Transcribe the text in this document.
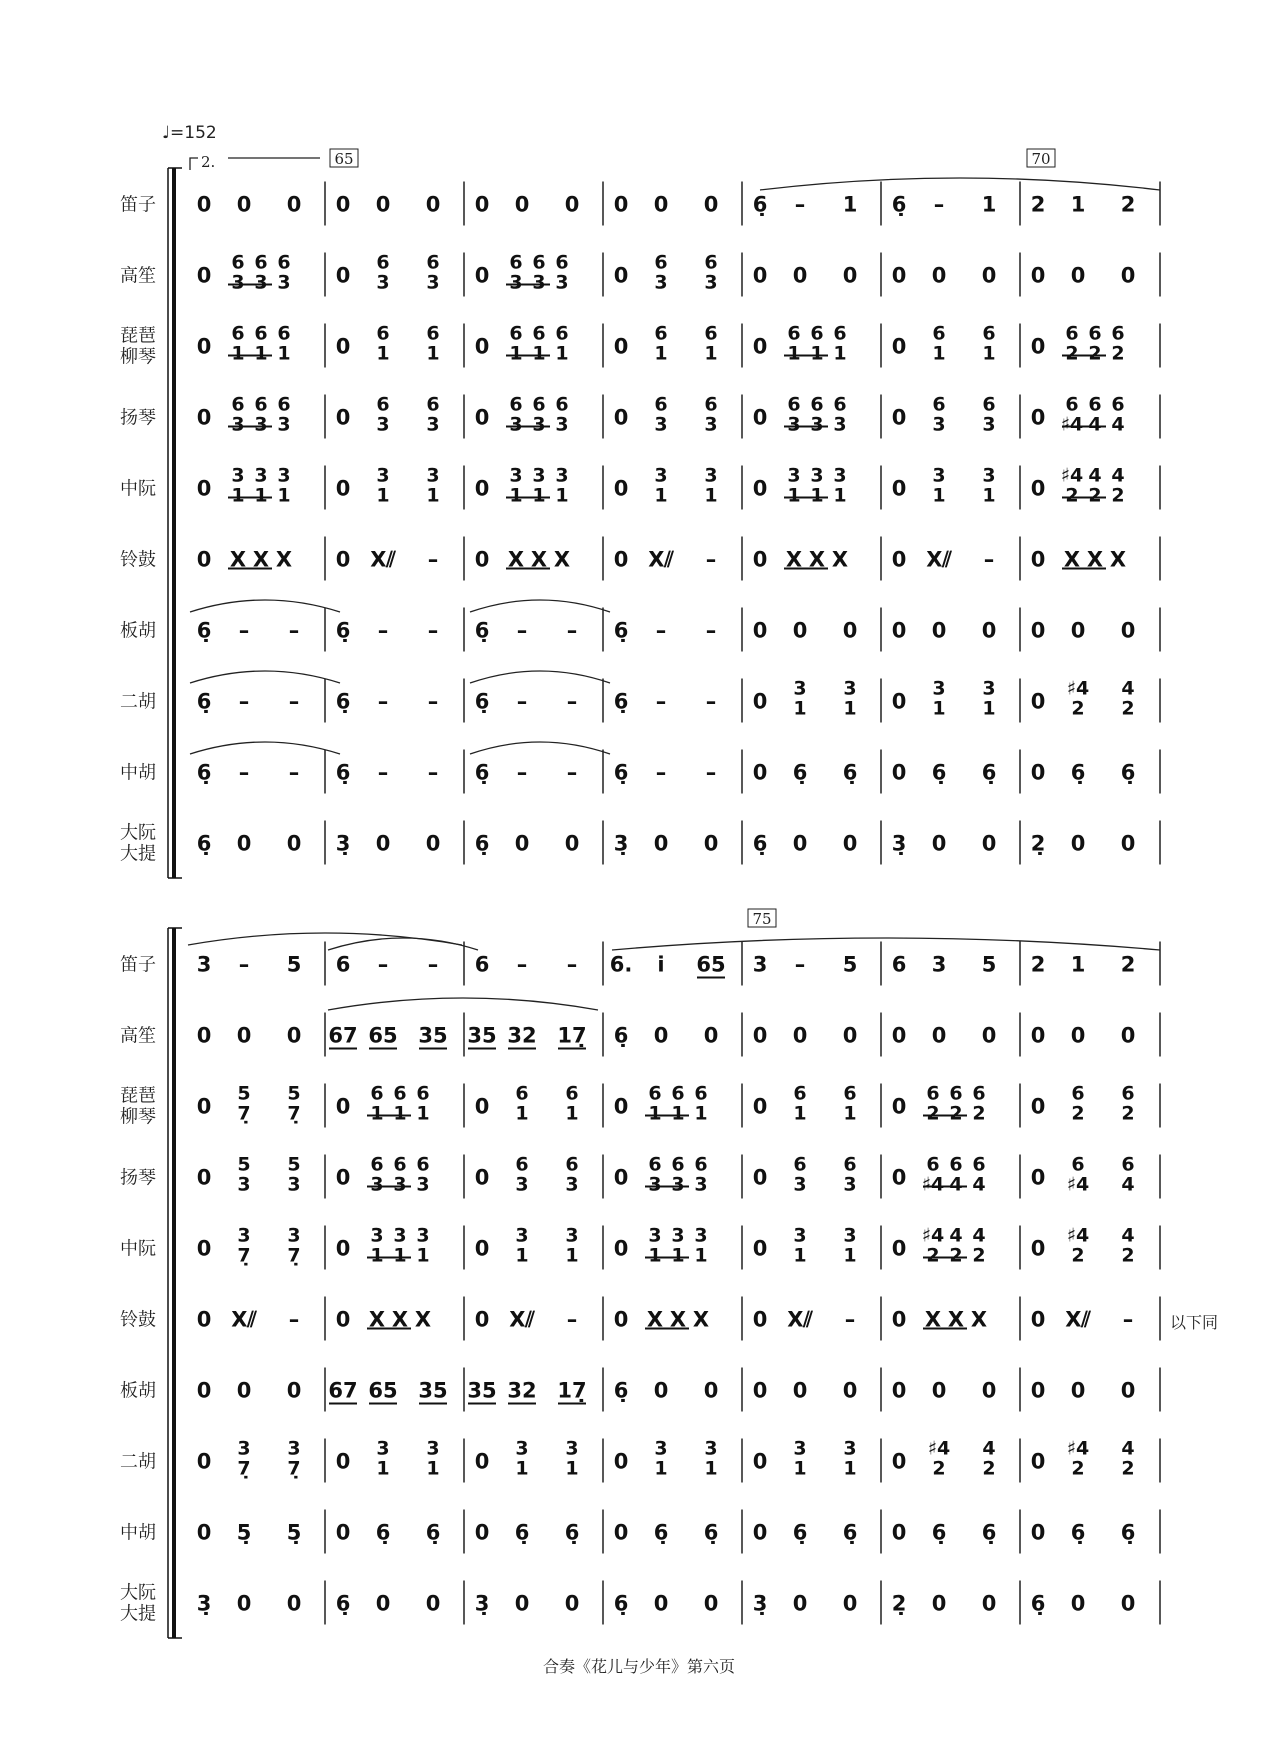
♩=152
2.	65	70
75
以下同
笛子 0 0 0 0 0 0 0 0 0 0 0 0 6̣ – 1 6̣ – 1 2 1 2
高笙 0
6
3
6
3
6
3 0
6
3
6
3 0
6
3
6
3
6
3 0
6
3
6
3 0 0 0 0 0 0 0 0 0
琵琶
柳琴 0
6
1
6
1
6
1 0
6
1
6
1 0
6
1
6
1
6
1 0
6
1
6
1 0
6
1
6
1
6
1 0
6
1
6
1 0
6
2
6
2
6
2
扬琴 0
6
3
6
3
6
3 0
6
3
6
3 0
6
3
6
3
6
3 0
6
3
6
3 0
6
3
6
3
6
3 0
6
3
6
3 0
6
♯4
6
4
6
4
中阮 0
3
1
3
1
3
1 0
3
1
3
1 0
3
1
3
1
3
1 0
3
1
3
1 0
3
1
3
1
3
1 0
3
1
3
1 0
♯4
2
4
2
4
2
铃鼓 0 X X X 0 X⫽ – 0 X X X 0 X⫽ – 0 X X X 0 X⫽ – 0 X X X
板胡 6̣ – – 6̣ – – 6̣ – – 6̣ – – 0 0 0 0 0 0 0 0 0
二胡 6̣ – – 6̣ – – 6̣ – – 6̣ – – 0
3
1
3
1 0
3
1
3
1 0
♯4
2
4
2
中胡 6̣ – – 6̣ – – 6̣ – – 6̣ – – 0 6̣ 6̣ 0 6̣ 6̣ 0 6̣ 6̣
大阮
大提 6̣ 0 0 3̣ 0 0 6̣ 0 0 3̣ 0 0 6̣ 0 0 3̣ 0 0 2̣ 0 0
笛子 3 – 5 6 – – 6 – – 6. i̇ 65 3 – 5 6 3 5 2 1 2
高笙 0 0 0 67 65 35 35 32 17̣ 6̣ 0 0 0 0 0 0 0 0 0 0 0
琵琶
柳琴 0
5
7̣
5
7̣ 0
6
1
6
1
6
1 0
6
1
6
1 0
6
1
6
1
6
1 0
6
1
6
1 0
6
2
6
2
6
2 0
6
2
6
2
扬琴 0
5
3
5
3 0
6
3
6
3
6
3 0
6
3
6
3 0
6
3
6
3
6
3 0
6
3
6
3 0
6
♯4
6
4
6
4 0
6
♯4
6
4
中阮 0
3
7̣
3
7̣ 0
3
1
3
1
3
1 0
3
1
3
1 0
3
1
3
1
3
1 0
3
1
3
1 0
♯4
2
4
2
4
2 0
♯4
2
4
2
铃鼓 0 X⫽ – 0 X X X 0 X⫽ – 0 X X X 0 X⫽ – 0 X X X 0 X⫽ –
板胡 0 0 0 67 65 35 35 32 17̣ 6̣ 0 0 0 0 0 0 0 0 0 0 0
二胡 0
3
7̣
3
7̣ 0
3
1
3
1 0
3
1
3
1 0
3
1
3
1 0
3
1
3
1 0
♯4
2
4
2 0
♯4
2
4
2
中胡 0 5̣ 5̣ 0 6̣ 6̣ 0 6̣ 6̣ 0 6̣ 6̣ 0 6̣ 6̣ 0 6̣ 6̣ 0 6̣ 6̣
大阮
大提 3̣ 0 0 6̣ 0 0 3̣ 0 0 6̣ 0 0 3̣ 0 0 2̣ 0 0 6̣ 0 0
合奏《花儿与少年》第六页
